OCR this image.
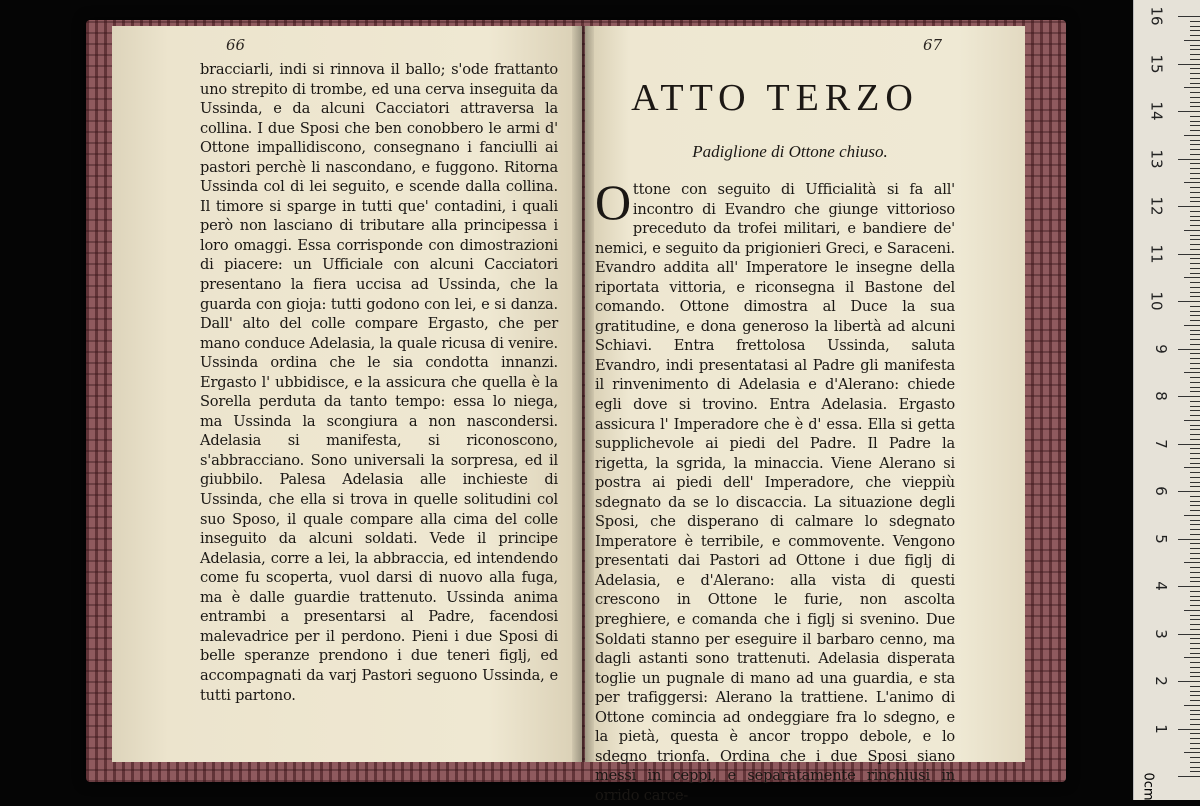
66

bracciarli, indi si rinnova il ballo; s'ode frattanto uno strepito di trombe, ed una cerva inseguita da Ussinda, e da alcuni Cacciatori attraversa la collina. I due Sposi che ben conobbero le armi d' Ottone impallidiscono, consegnano i fanciulli ai pastori perchè li nascondano, e fuggono. Ritorna Ussinda col di lei seguito, e scende dalla collina. Il timore si sparge in tutti que' contadini, i quali però non lasciano di tributare alla principessa i loro omaggi. Essa corrisponde con dimostrazioni di piacere: un Ufficiale con alcuni Cacciatori presentano la fiera uccisa ad Ussinda, che la guarda con gioja: tutti godono con lei, e si danza. Dall' alto del colle compare Ergasto, che per mano conduce Adelasia, la quale ricusa di venire. Ussinda ordina che le sia condotta innanzi. Ergasto l' ubbidisce, e la assicura che quella è la Sorella perduta da tanto tempo: essa lo niega, ma Ussinda la scongiura a non nascondersi. Adelasia si manifesta, si riconoscono, s'abbracciano. Sono universali la sorpresa, ed il giubbilo. Palesa Adelasia alle inchieste di Ussinda, che ella si trova in quelle solitudini col suo Sposo, il quale compare alla cima del colle inseguito da alcuni soldati. Vede il principe Adelasia, corre a lei, la abbraccia, ed intendendo come fu scoperta, vuol darsi di nuovo alla fuga, ma è dalle guardie trattenuto. Ussinda anima entrambi a presentarsi al Padre, facendosi malevadrice per il perdono. Pieni i due Sposi di belle speranze prendono i due teneri figlj, ed accompagnati da varj Pastori seguono Ussinda, e tutti partono.

67
ATTO TERZO
Padiglione di Ottone chiuso.

Ottone con seguito di Ufficialità si fa all' incontro di Evandro che giunge vittorioso preceduto da trofei militari, e bandiere de' nemici, e seguito da prigionieri Greci, e Saraceni. Evandro addita all' Imperatore le insegne della riportata vittoria, e riconsegna il Bastone del comando. Ottone dimostra al Duce la sua gratitudine, e dona generoso la libertà ad alcuni Schiavi. Entra frettolosa Ussinda, saluta Evandro, indi presentatasi al Padre gli manifesta il rinvenimento di Adelasia e d'Alerano: chiede egli dove si trovino. Entra Adelasia. Ergasto assicura l' Imperadore che è d' essa. Ella si getta supplichevole ai piedi del Padre. Il Padre la rigetta, la sgrida, la minaccia. Viene Alerano si postra ai piedi dell' Imperadore, che vieppiù sdegnato da se lo discaccia. La situazione degli Sposi, che disperano di calmare lo sdegnato Imperatore è terribile, e commovente. Vengono presentati dai Pastori ad Ottone i due figlj di Adelasia, e d'Alerano: alla vista di questi crescono in Ottone le furie, non ascolta preghiere, e comanda che i figlj si svenino. Due Soldati stanno per eseguire il barbaro cenno, ma dagli astanti sono trattenuti. Adelasia disperata toglie un pugnale di mano ad una guardia, e sta per trafiggersi: Alerano la trattiene. L'animo di Ottone comincia ad ondeggiare fra lo sdegno, e la pietà, questa è ancor troppo debole, e lo sdegno trionfa. Ordina che i due Sposi siano messi in ceppi, e separatamente rinchiusi in orrido carce-	0cm
16
15
14
13
12
11
10
9
8
7
6
5
4
3
2
1
